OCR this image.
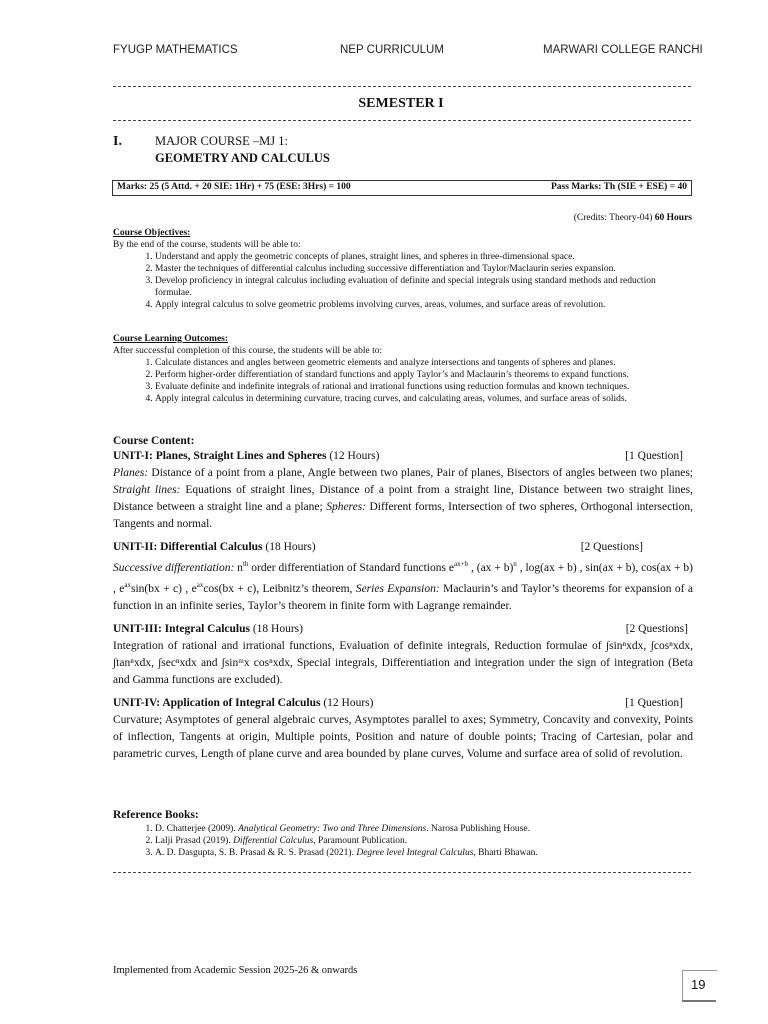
FYUGP MATHEMATICS	NEP CURRICULUM	MARWARI COLLEGE RANCHI
SEMESTER I
I.	MAJOR COURSE –MJ 1:
GEOMETRY AND CALCULUS
Marks: 25 (5 Attd. + 20 SIE: 1Hr) + 75 (ESE: 3Hrs) = 100	Pass Marks: Th (SIE + ESE) = 40
(Credits: Theory-04) 60 Hours
Course Objectives:
By the end of the course, students will be able to:
1. Understand and apply the geometric concepts of planes, straight lines, and spheres in three-dimensional space.
2. Master the techniques of differential calculus including successive differentiation and Taylor/Maclaurin series expansion.
3. Develop proficiency in integral calculus including evaluation of definite and special integrals using standard methods and reduction formulae.
4. Apply integral calculus to solve geometric problems involving curves, areas, volumes, and surface areas of revolution.
Course Learning Outcomes:
After successful completion of this course, the students will be able to:
1. Calculate distances and angles between geometric elements and analyze intersections and tangents of spheres and planes.
2. Perform higher-order differentiation of standard functions and apply Taylor’s and Maclaurin’s theorems to expand functions.
3. Evaluate definite and indefinite integrals of rational and irrational functions using reduction formulas and known techniques.
4. Apply integral calculus in determining curvature, tracing curves, and calculating areas, volumes, and surface areas of solids.
Course Content:
UNIT-I: Planes, Straight Lines and Spheres (12 Hours)	[1 Question]

Planes: Distance of a point from a plane, Angle between two planes, Pair of planes, Bisectors of angles between two planes; Straight lines: Equations of straight lines, Distance of a point from a straight line, Distance between two straight lines, Distance between a straight line and a plane; Spheres: Different forms, Intersection of two spheres, Orthogonal intersection, Tangents and normal.

UNIT-II: Differential Calculus (18 Hours)	[2 Questions]

Successive differentiation: $n^{th}$ order differentiation of Standard functions $e^{ax+b}$ , (ax + b)$^n$ , log(ax + b) , sin(ax + b), cos(ax + b) , $e^{ax}\sin(bx + c)$ , $e^{ax}\cos(bx + c)$, Leibnitz’s theorem, Series Expansion: Maclaurin’s and Taylor’s theorems for expansion of a function in an infinite series, Taylor’s theorem in finite form with Lagrange remainder.

UNIT-III: Integral Calculus (18 Hours)	[2 Questions]

Integration of rational and irrational functions, Evaluation of definite integrals, Reduction formulae of ∫sinⁿxdx, ∫cosⁿxdx, ∫tanⁿxdx, ∫secⁿxdx and ∫sinᵐx cosⁿxdx, Special integrals, Differentiation and integration under the sign of integration (Beta and Gamma functions are excluded).

UNIT-IV: Application of Integral Calculus (12 Hours)	[1 Question]

Curvature; Asymptotes of general algebraic curves, Asymptotes parallel to axes; Symmetry, Concavity and convexity, Points of inflection, Tangents at origin, Multiple points, Position and nature of double points; Tracing of Cartesian, polar and parametric curves, Length of plane curve and area bounded by plane curves, Volume and surface area of solid of revolution.

Reference Books:
1. D. Chatterjee (2009). Analytical Geometry: Two and Three Dimensions. Narosa Publishing House.
2. Lalji Prasad (2019). Differential Calculus, Paramount Publication.
3. A. D. Dasgupta, S. B. Prasad & R. S. Prasad (2021). Degree level Integral Calculus, Bharti Bhawan.
Implemented from Academic Session 2025-26 & onwards
19
